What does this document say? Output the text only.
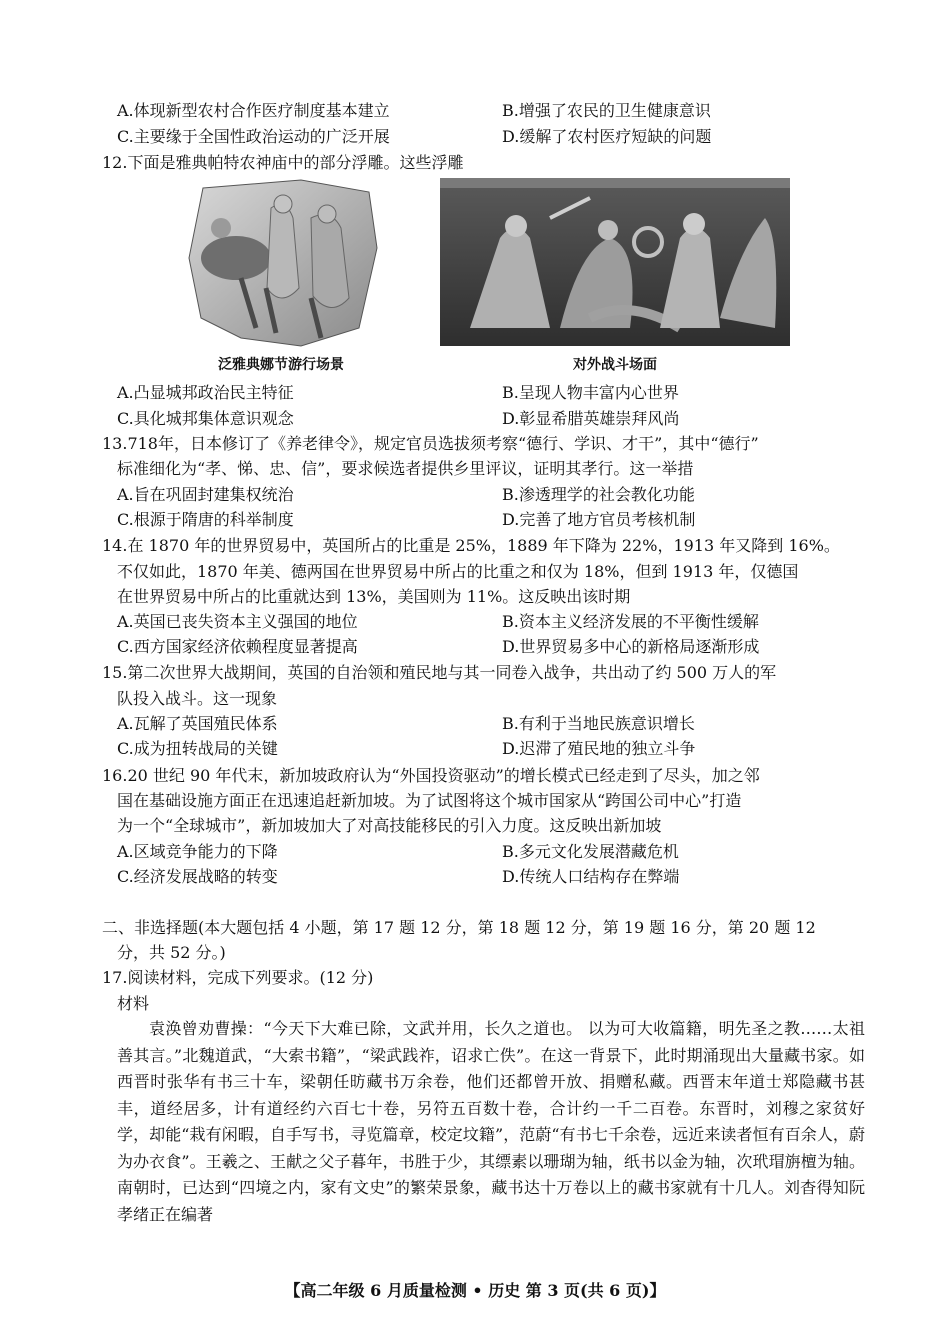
A.体现新型农村合作医疗制度基本建立	B.增强了农民的卫生健康意识
C.主要缘于全国性政治运动的广泛开展	D.缓解了农村医疗短缺的问题
12.下面是雅典帕特农神庙中的部分浮雕。这些浮雕
泛雅典娜节游行场景	对外战斗场面
A.凸显城邦政治民主特征	B.呈现人物丰富内心世界
C.具化城邦集体意识观念	D.彰显希腊英雄崇拜风尚
13.718年，日本修订了《养老律令》，规定官员选拔须考察“德行、学识、才干”，其中“德行”
标准细化为“孝、悌、忠、信”，要求候选者提供乡里评议，证明其孝行。这一举措
A.旨在巩固封建集权统治	B.渗透理学的社会教化功能
C.根源于隋唐的科举制度	D.完善了地方官员考核机制
14.在 1870 年的世界贸易中，英国所占的比重是 25%，1889 年下降为 22%，1913 年又降到 16%。
不仅如此，1870 年美、德两国在世界贸易中所占的比重之和仅为 18%，但到 1913 年，仅德国
在世界贸易中所占的比重就达到 13%，美国则为 11%。这反映出该时期
A.英国已丧失资本主义强国的地位	B.资本主义经济发展的不平衡性缓解
C.西方国家经济依赖程度显著提高	D.世界贸易多中心的新格局逐渐形成
15.第二次世界大战期间，英国的自治领和殖民地与其一同卷入战争，共出动了约 500 万人的军
队投入战斗。这一现象
A.瓦解了英国殖民体系	B.有利于当地民族意识增长
C.成为扭转战局的关键	D.迟滞了殖民地的独立斗争
16.20 世纪 90 年代末，新加坡政府认为“外国投资驱动”的增长模式已经走到了尽头，加之邻
国在基础设施方面正在迅速追赶新加坡。为了试图将这个城市国家从“跨国公司中心”打造
为一个“全球城市”，新加坡加大了对高技能移民的引入力度。这反映出新加坡
A.区域竞争能力的下降	B.多元文化发展潜藏危机
C.经济发展战略的转变	D.传统人口结构存在弊端
二、非选择题(本大题包括 4 小题，第 17 题 12 分，第 18 题 12 分，第 19 题 16 分，第 20 题 12
分，共 52 分。)
17.阅读材料，完成下列要求。(12 分)
材料

袁涣曾劝曹操：“今天下大难已除，文武并用，长久之道也。 以为可大收篇籍，明先圣之教……太祖善其言。”北魏道武，“大索书籍”，“梁武践祚，诏求亡佚”。在这一背景下，此时期涌现出大量藏书家。如西晋时张华有书三十车，梁朝任昉藏书万余卷，他们还都曾开放、捐赠私藏。西晋末年道士郑隐藏书甚丰，道经居多，计有道经约六百七十卷，另符五百数十卷，合计约一千二百卷。东晋时，刘穆之家贫好学，却能“栽有闲暇，自手写书，寻览篇章，校定坟籍”，范蔚“有书七千余卷，远近来读者恒有百余人，蔚为办衣食”。王羲之、王献之父子暮年，书胜于少，其缥素以珊瑚为轴，纸书以金为轴，次玳瑁旃檀为轴。南朝时，已达到“四境之内，家有文史”的繁荣景象，藏书达十万卷以上的藏书家就有十几人。刘杳得知阮孝绪正在编著

【高二年级 6 月质量检测 • 历史 第 3 页(共 6 页)】
